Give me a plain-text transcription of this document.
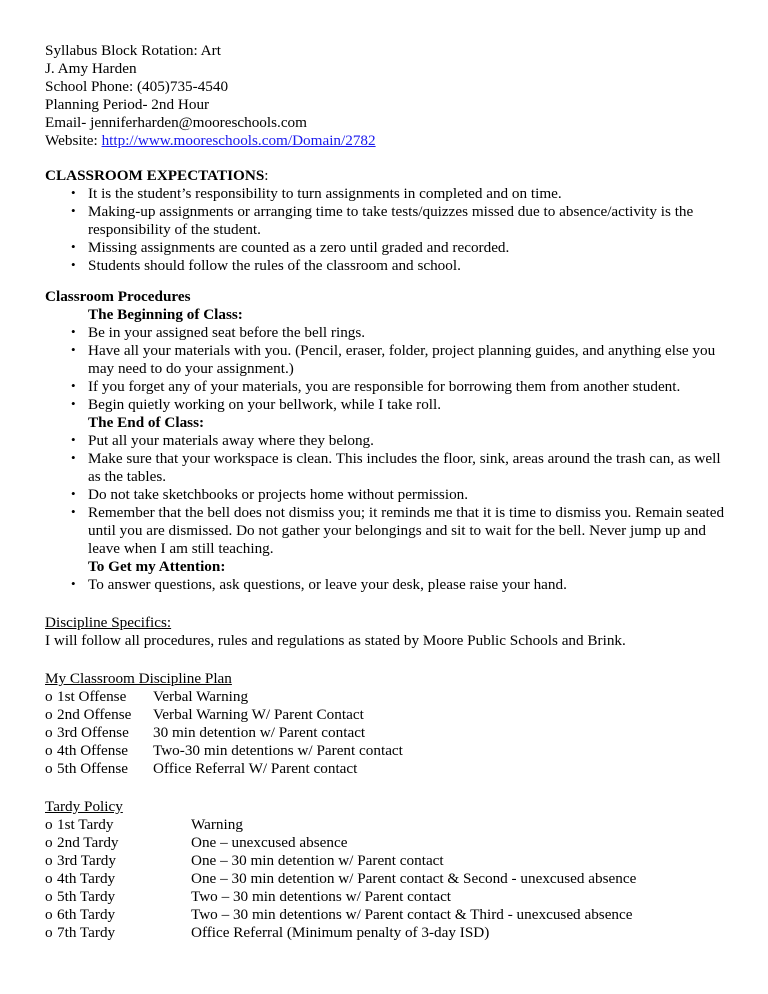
Syllabus Block Rotation: Art
J. Amy Harden
School Phone: (405)735-4540
Planning Period- 2nd Hour
Email- jenniferharden@mooreschools.com
Website: http://www.mooreschools.com/Domain/2782
CLASSROOM EXPECTATIONS:
• It is the student’s responsibility to turn assignments in completed and on time.
• Making-up assignments or arranging time to take tests/quizzes missed due to absence/activity is the responsibility of the student.
• Missing assignments are counted as a zero until graded and recorded.
• Students should follow the rules of the classroom and school.
Classroom Procedures
The Beginning of Class:
• Be in your assigned seat before the bell rings.
• Have all your materials with you. (Pencil, eraser, folder, project planning guides, and anything else you may need to do your assignment.)
• If you forget any of your materials, you are responsible for borrowing them from another student.
• Begin quietly working on your bellwork, while I take roll.
The End of Class:
• Put all your materials away where they belong.
• Make sure that your workspace is clean. This includes the floor, sink, areas around the trash can, as well as the tables.
• Do not take sketchbooks or projects home without permission.
• Remember that the bell does not dismiss you; it reminds me that it is time to dismiss you. Remain seated until you are dismissed. Do not gather your belongings and sit to wait for the bell. Never jump up and leave when I am still teaching.
To Get my Attention:
• To answer questions, ask questions, or leave your desk, please raise your hand.
Discipline Specifics:
I will follow all procedures, rules and regulations as stated by Moore Public Schools and Brink.
My Classroom Discipline Plan
o 1st Offense	Verbal Warning
o 2nd Offense	Verbal Warning W/ Parent Contact
o 3rd Offense	30 min detention w/ Parent contact
o 4th Offense	Two-30 min detentions w/ Parent contact
o 5th Offense	Office Referral W/ Parent contact
Tardy Policy
o 1st Tardy	Warning
o 2nd Tardy	One – unexcused absence
o 3rd Tardy	One – 30 min detention w/ Parent contact
o 4th Tardy	One – 30 min detention w/ Parent contact & Second - unexcused absence
o 5th Tardy	Two – 30 min detentions w/ Parent contact
o 6th Tardy	Two – 30 min detentions w/ Parent contact & Third - unexcused absence
o 7th Tardy	Office Referral (Minimum penalty of 3-day ISD)
